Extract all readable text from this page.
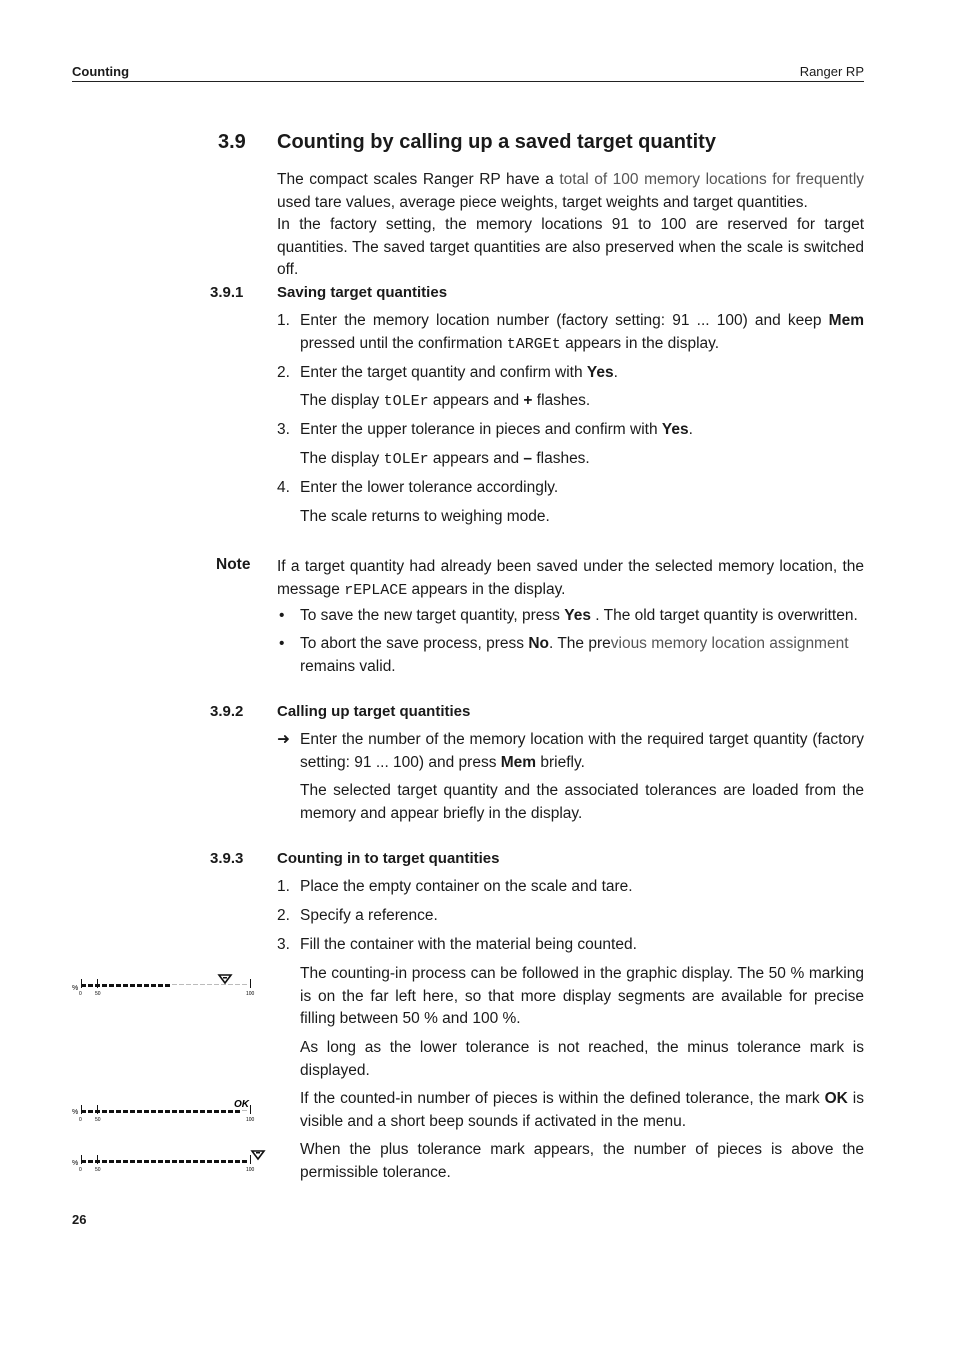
Counting	Ranger RP
3.9 Counting by calling up a saved target quantity
The compact scales Ranger RP have a total of 100 memory locations for frequently used tare values, average piece weights, target weights and target quantities.
In the factory setting, the memory locations 91 to 100 are reserved for target quantities. The saved target quantities are also preserved when the scale is switched off.
3.9.1 Saving target quantities
1. Enter the memory location number (factory setting: 91 ... 100) and keep Mem pressed until the confirmation tARGEt appears in the display.
2. Enter the target quantity and confirm with Yes.
The display tOLEr appears and + flashes.
3. Enter the upper tolerance in pieces and confirm with Yes.
The display tOLEr appears and – flashes.
4. Enter the lower tolerance accordingly.
The scale returns to weighing mode.
Note If a target quantity had already been saved under the selected memory location, the message rEPLACE appears in the display.
• To save the new target quantity, press Yes . The old target quantity is overwritten.
• To abort the save process, press No. The previous memory location assignment
remains valid.
3.9.2 Calling up target quantities
➜ Enter the number of the memory location with the required target quantity (factory setting: 91 ... 100) and press Mem briefly.
The selected target quantity and the associated tolerances are loaded from the memory and appear briefly in the display.
3.9.3 Counting in to target quantities
1. Place the empty container on the scale and tare.
2. Specify a reference.
3. Fill the container with the material being counted.
The counting-in process can be followed in the graphic display. The 50 % marking is on the far left here, so that more display segments are available for precise filling between 50 % and 100 %.
As long as the lower tolerance is not reached, the minus tolerance mark is displayed.
If the counted-in number of pieces is within the defined tolerance, the mark OK is visible and a short beep sounds if activated in the menu.
When the plus tolerance mark appears, the number of pieces is above the permissible tolerance.
%
0	50	100
%
OK
0	50	100
%
0	50	100
26
